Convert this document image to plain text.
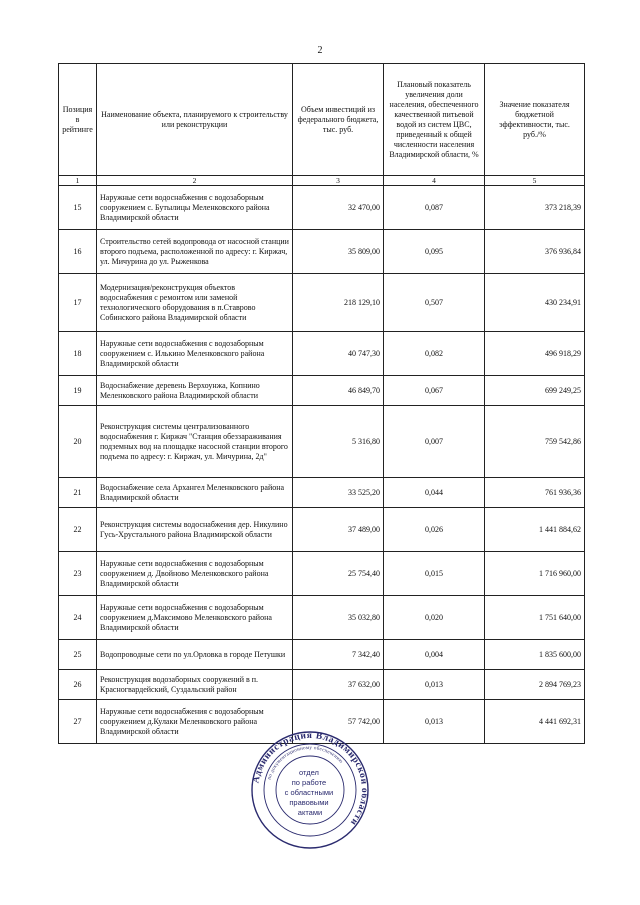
2
Позиция в рейтинге	Наименование объекта, планируемого к строительству или реконструкции	Объем инвестиций из федерального бюджета, тыс. руб.	Плановый показатель увеличения доли населения, обеспеченного качественной питьевой водой из систем ЦВС, приведенный к общей численности населения Владимирской области, %	Значение показателя бюджетной эффективности, тыс. руб./%
1	2	3	4	5
15	Наружные сети водоснабжения с водозаборным сооружением с. Бутылицы Меленковского района Владимирской области	32 470,00	0,087	373 218,39
16	Строительство сетей водопровода от насосной станции второго подъема, расположенной по адресу: г. Киржач, ул. Мичурина до ул. Рыженкова	35 809,00	0,095	376 936,84
17	Модернизация/реконструкция объектов водоснабжения с ремонтом или заменой технологического оборудования в п.Ставрово Собинского района Владимирской области	218 129,10	0,507	430 234,91
18	Наружные сети водоснабжения с водозаборным сооружением с. Илькино Меленковского района Владимирской области	40 747,30	0,082	496 918,29
19	Водоснабжение деревень Верхоунжа, Копнино Меленковского района Владимирской области	46 849,70	0,067	699 249,25
20	Реконструкция системы централизованного водоснабжения г. Киржач "Станция обеззараживания подземных вод на площадке насосной станции второго подъема по адресу: г. Киржач, ул. Мичурина, 2д"	5 316,80	0,007	759 542,86
21	Водоснабжение села Архангел Меленковского района Владимирской области	33 525,20	0,044	761 936,36
22	Реконструкция системы водоснабжения дер. Никулино Гусь-Хрустального района Владимирской области	37 489,00	0,026	1 441 884,62
23	Наружные сети водоснабжения с водозаборным сооружением д. Двойново Меленковского района Владимирской области	25 754,40	0,015	1 716 960,00
24	Наружные сети водоснабжения с водозаборным сооружением д.Максимово Меленковского района Владимирской области	35 032,80	0,020	1 751 640,00
25	Водопроводные сети по ул.Орловка в городе Петушки	7 342,40	0,004	1 835 600,00
26	Реконструкция водозаборных сооружений в п. Красногвардейский, Суздальский район	37 632,00	0,013	2 894 769,23
27	Наружные сети водоснабжения с водозаборным сооружением д.Кулаки Меленковского района Владимирской области	57 742,00	0,013	4 441 692,31
Администрация Владимирской области
по документационному обеспечению
отдел по работе с областными правовыми актами
